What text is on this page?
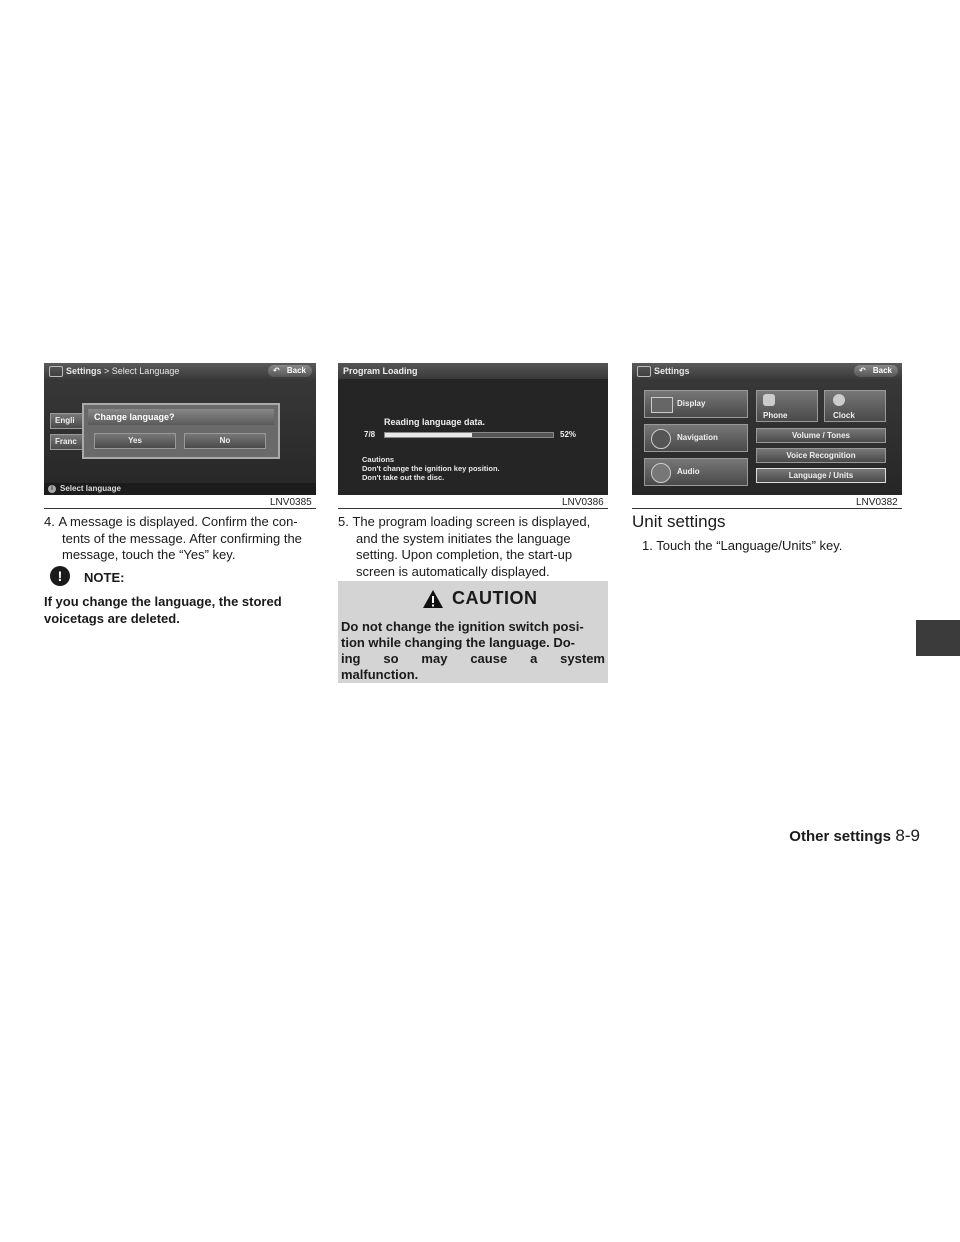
Settings > Select Language	↶ Back
Engli
Franc
Change language?
Yes	No
i Select language
LNV0385
4. A message is displayed. Confirm the con-
tents of the message. After confirming the
message, touch the “Yes” key.
!	NOTE:
If you change the language, the stored
voicetags are deleted.
Program Loading
Reading language data.
7/8	52%
Cautions
Don't change the ignition key position.
Don't take out the disc.
LNV0386
5. The program loading screen is displayed,
and the system initiates the language
setting. Upon completion, the start-up
screen is automatically displayed.
CAUTION
Do not change the ignition switch posi-
tion while changing the language. Do-
ing so may cause a system
malfunction.
Settings	↶ Back
Display
Phone	Clock
Navigation	Volume / Tones
Voice Recognition
Audio	Language / Units
LNV0382
Unit settings
1. Touch the “Language/Units” key.
Other settings 8-9
